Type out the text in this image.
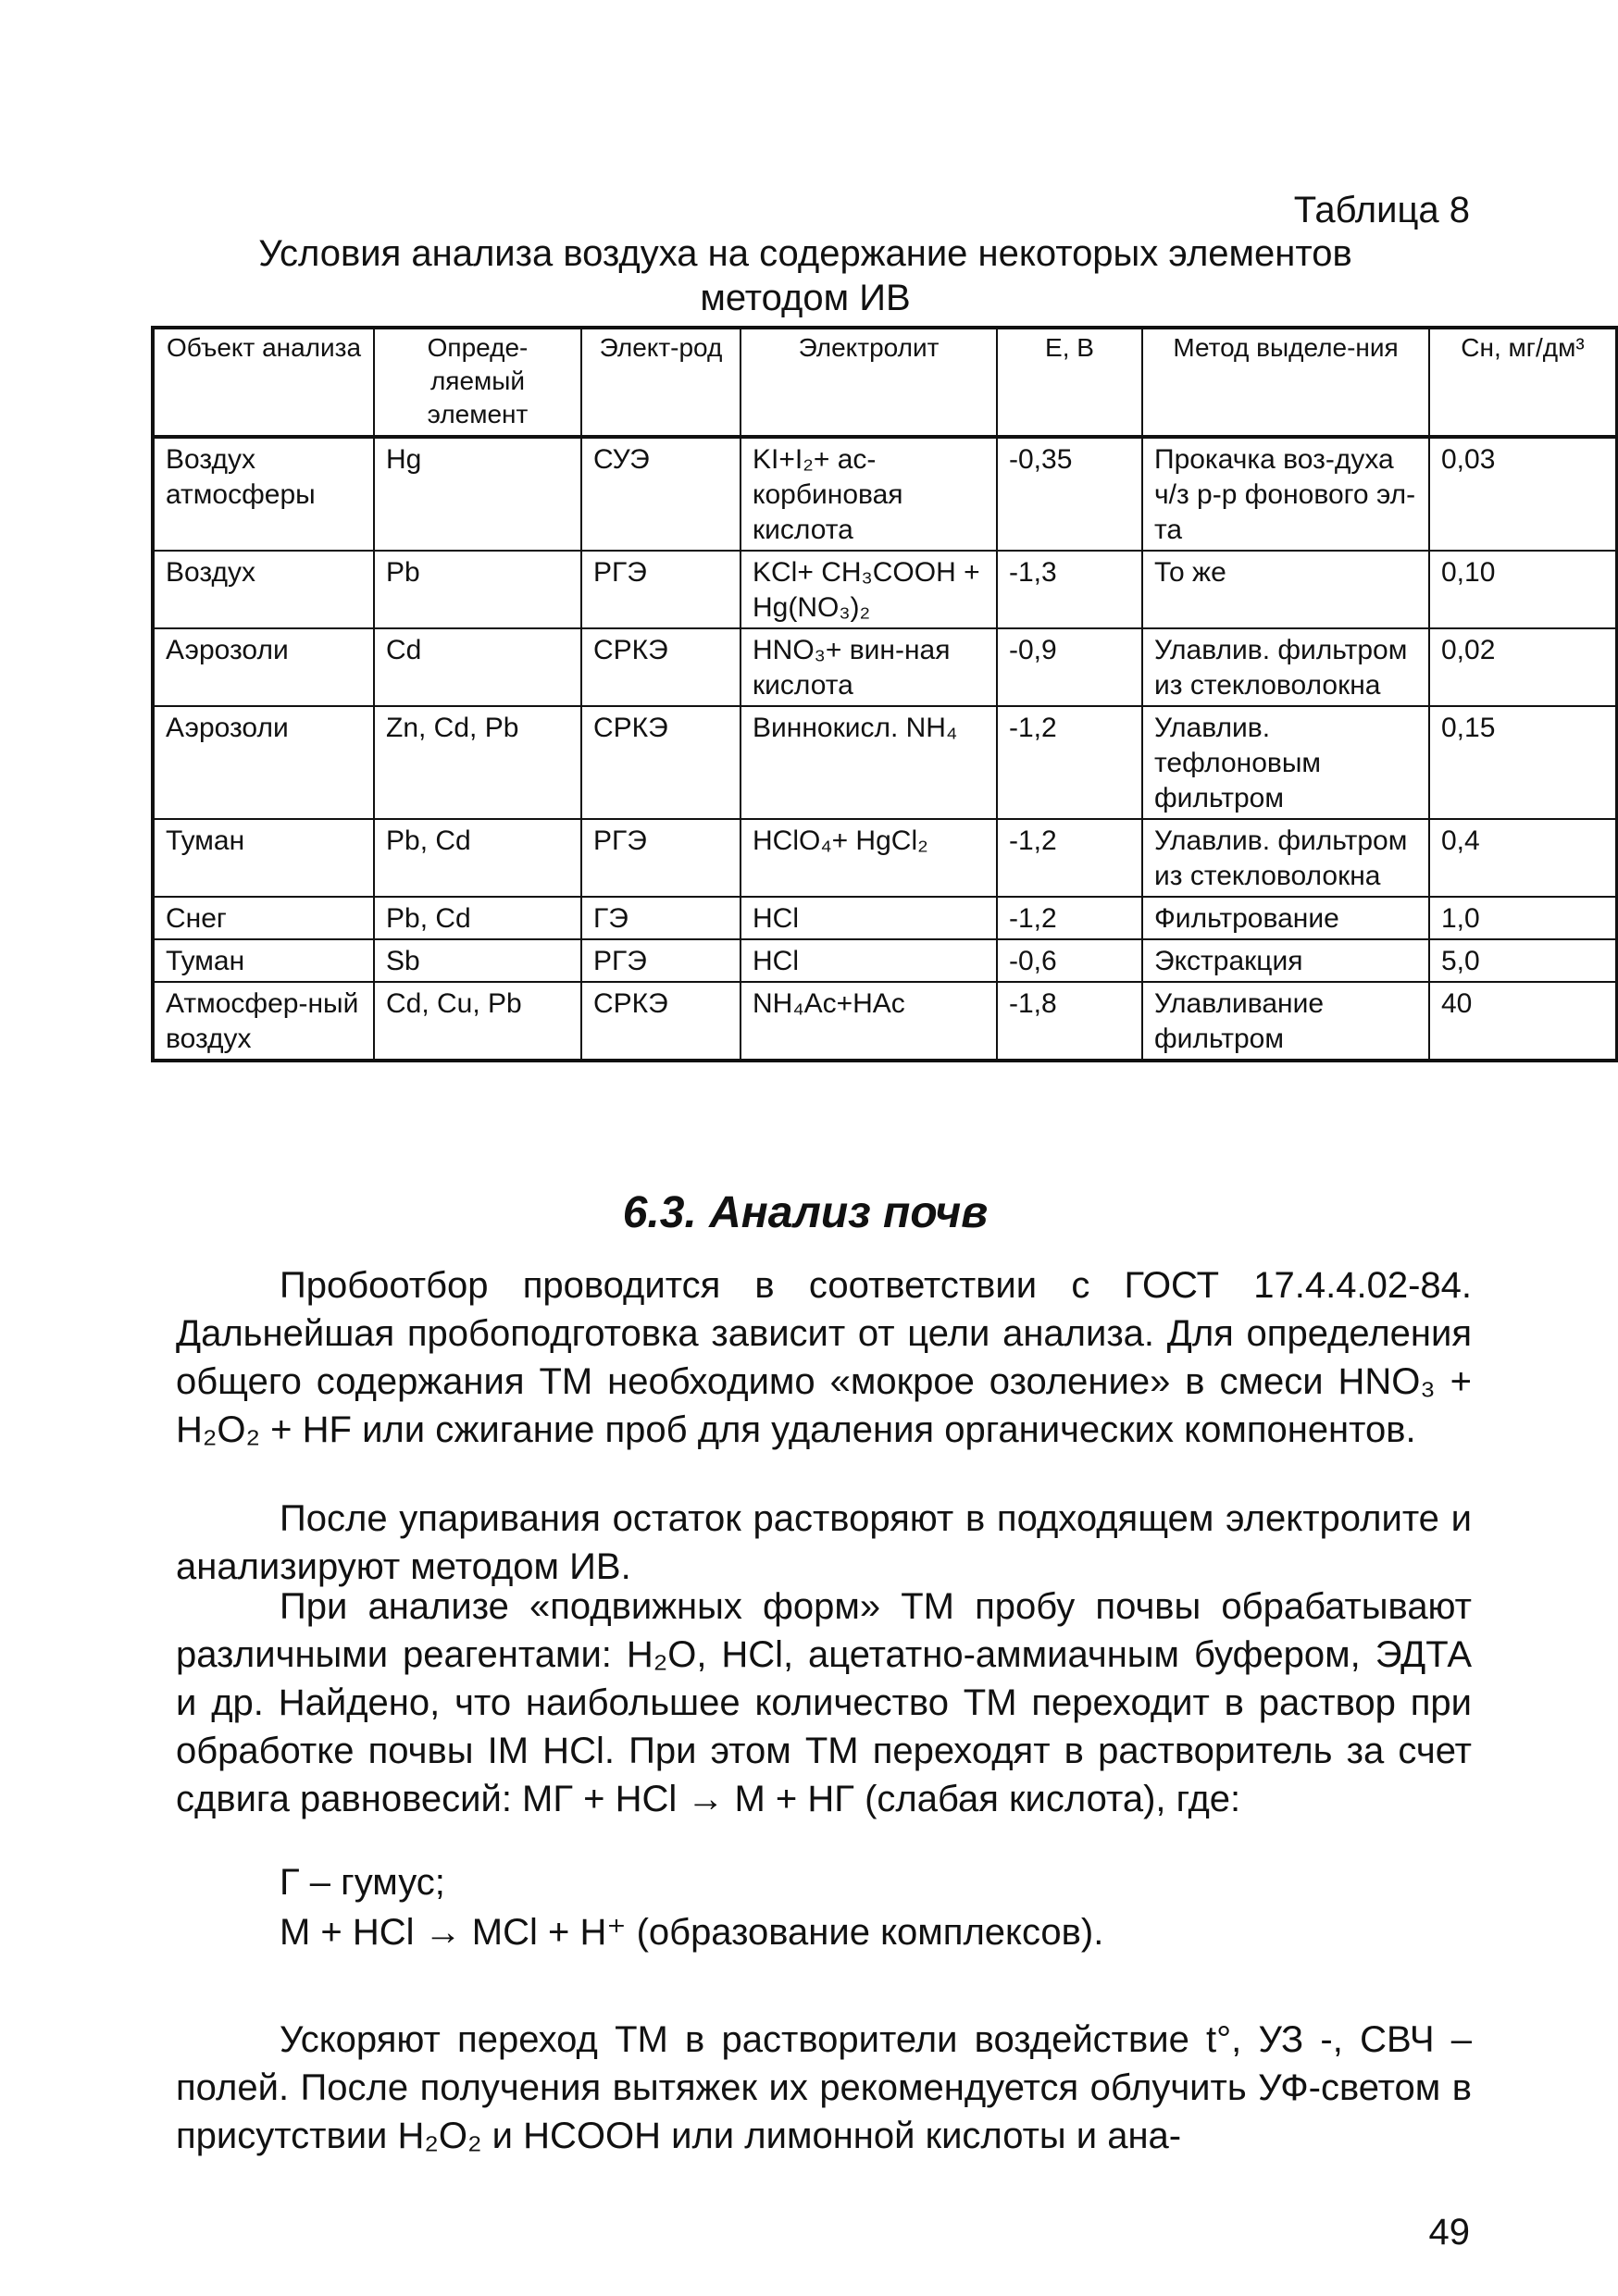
Таблица 8
Условия анализа воздуха на содержание некоторых элементов
методом ИВ
Объект анализа	Опреде-ляемый элемент	Элект-род	Электролит	Е, В	Метод выделе-ния	Сн, мг/дм³
Воздух атмосферы	Hg	СУЭ	KI+I₂+ ас-корбиновая кислота	-0,35	Прокачка воз-духа ч/з р-р фонового эл-та	0,03
Воздух	Pb	РГЭ	KCl+ CH₃COOH + Hg(NO₃)₂	-1,3	То же	0,10
Аэрозоли	Cd	СРКЭ	HNO₃+ вин-ная кислота	-0,9	Улавлив. фильтром из стекловолокна	0,02
Аэрозоли	Zn, Cd, Pb	СРКЭ	Виннокисл. NH₄	-1,2	Улавлив. тефлоновым фильтром	0,15
Туман	Pb, Cd	РГЭ	HClO₄+ HgCl₂	-1,2	Улавлив. фильтром из стекловолокна	0,4
Снег	Pb, Cd	ГЭ	HCl	-1,2	Фильтрование	1,0
Туман	Sb	РГЭ	HCl	-0,6	Экстракция	5,0
Атмосфер-ный воздух	Cd, Cu, Pb	СРКЭ	NH₄Ac+HAc	-1,8	Улавливание фильтром	40
6.3. Анализ почв
Пробоотбор проводится в соответствии с ГОСТ 17.4.4.02-84. Дальнейшая пробоподготовка зависит от цели анализа. Для определения общего содержания ТМ необходимо «мокрое озоление» в смеси HNO₃ + H₂O₂ + HF или сжигание проб для удаления органических компонентов.
После упаривания остаток растворяют в подходящем электролите и анализируют методом ИВ.
При анализе «подвижных форм» ТМ пробу почвы обрабатывают различными реагентами: H₂O, HCl, ацетатно-аммиачным буфером, ЭДТА и др. Найдено, что наибольшее количество ТМ переходит в раствор при обработке почвы IM HCl. При этом ТМ переходят в растворитель за счет сдвига равновесий: МГ + HCl → M + НГ (слабая кислота), где:
Г – гумус;
M + HCl → MCl + H⁺ (образование комплексов).
Ускоряют переход ТМ в растворители воздействие t°, УЗ -, СВЧ – полей. После получения вытяжек их рекомендуется облучить УФ-светом в присутствии H₂O₂ и HCOOH или лимонной кислоты и ана-
49
